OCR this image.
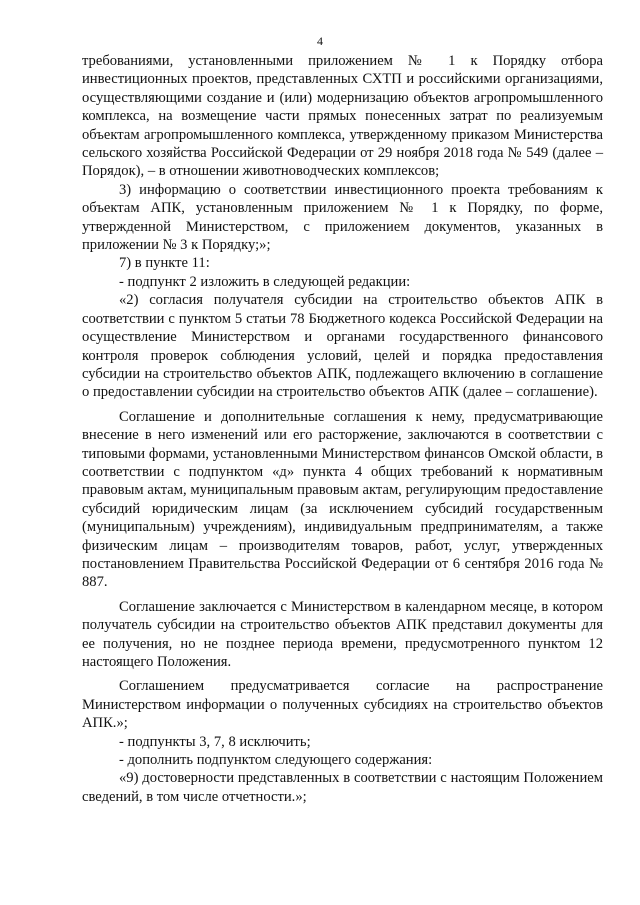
4

требованиями, установленными приложением № 1 к Порядку отбора инвестиционных проектов, представленных СХТП и российскими организациями, осуществляющими создание и (или) модернизацию объектов агропромышленного комплекса, на возмещение части прямых понесенных затрат по реализуемым объектам агропромышленного комплекса, утвержденному приказом Министерства сельского хозяйства Российской Федерации от 29 ноября 2018 года № 549 (далее – Порядок), – в отношении животноводческих комплексов;

3) информацию о соответствии инвестиционного проекта требованиям к объектам АПК, установленным приложением № 1 к Порядку, по форме, утвержденной Министерством, с приложением документов, указанных в приложении № 3 к Порядку;»;

7) в пункте 11:

- подпункт 2 изложить в следующей редакции:

«2) согласия получателя субсидии на строительство объектов АПК в соответствии с пунктом 5 статьи 78 Бюджетного кодекса Российской Федерации на осуществление Министерством и органами государственного финансового контроля проверок соблюдения условий, целей и порядка предоставления субсидии на строительство объектов АПК, подлежащего включению в соглашение о предоставлении субсидии на строительство объектов АПК (далее – соглашение).

Соглашение и дополнительные соглашения к нему, предусматривающие внесение в него изменений или его расторжение, заключаются в соответствии с типовыми формами, установленными Министерством финансов Омской области, в соответствии с подпунктом «д» пункта 4 общих требований к нормативным правовым актам, муниципальным правовым актам, регулирующим предоставление субсидий юридическим лицам (за исключением субсидий государственным (муниципальным) учреждениям), индивидуальным предпринимателям, а также физическим лицам – производителям товаров, работ, услуг, утвержденных постановлением Правительства Российской Федерации от 6 сентября 2016 года № 887.

Соглашение заключается с Министерством в календарном месяце, в котором получатель субсидии на строительство объектов АПК представил документы для ее получения, но не позднее периода времени, предусмотренного пунктом 12 настоящего Положения.

Соглашением предусматривается согласие на распространение Министерством информации о полученных субсидиях на строительство объектов АПК.»;

- подпункты 3, 7, 8 исключить;

- дополнить подпунктом следующего содержания:

«9) достоверности представленных в соответствии с настоящим Положением сведений, в том числе отчетности.»;
